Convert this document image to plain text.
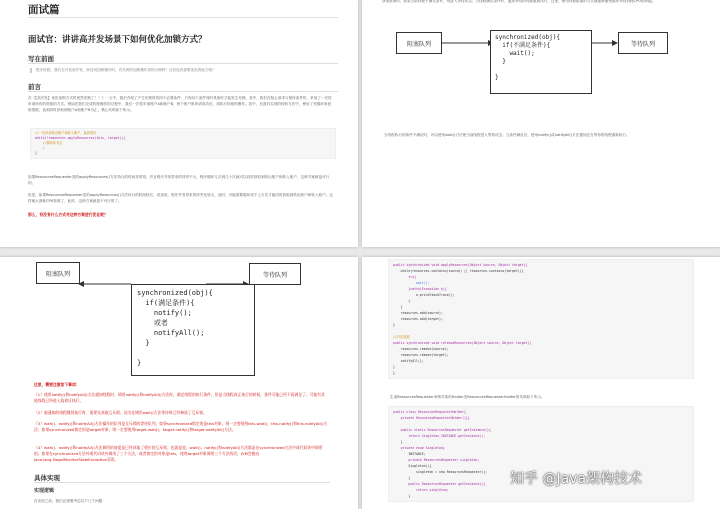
面试篇
面试官：讲讲高并发场景下如何优化加锁方式？
写在前面
很多时候，我们在开发高并发、涉及到加锁操作时，对代码的加锁操作真的合理吗？还有没有需要优化的地方呢？
前言
在《【高并发】优化加锁方式时竟然死锁了！！》一文中，我们介绍了产生死锁时的四个必要条件，只有四个条件同时具备时才能发生死锁。其中，我们在阻止请求与保持条件时，采用了一次性申请所有的资源的方式。例如在我们完成转账操作的过程中，我们一次性申请账户A和账户B，两个账户都申请成功后，再执行转账的操作。其中，在我们实现的转账方法中，使用了死循环来获取资源，直到同时获取到账户A和账户B为止，核心代码如下所示。
//一次申请转出账户和转入账户，直到成功
while(!requester.applyResources(this, target)){
//循环体为空
;
}
如果ResourcesRequester类的applyResources()方法执行的时间非常短，并且程序并发带来的冲突不大，程序循环几次到几十次就可以同时获取到转出账户和转入账户，这种方案就是可行的。
但是，如果ResourcesRequester类的applyResources()方法执行的时间较长，或者说，程序并发带来的冲突比较大，此时，可能需要循环成千上万次才能同时获取到转出账户和转入账户。这样就太消耗CPU资源了，此时，这种方案就是不可行的了。
那么，有没有什么方式对这种方案进行优化呢？
获取资源时，如果当前线程不满足条件，则进入等待状态；当线程满足条件时，通知等待的线程重新执行，这里，使用线程阻塞的方式就能够避免循环等待消耗CPU的问题。
阻塞队列
synchronized(obj){
if(不满足条件){
wait();
}

}
等待队列
当线程执行的条件不满足时，可以使用wait()方法使当前线程进入等待状态；当条件满足后，使用notify()或notifyAll()方法通知正在等待的线程重新执行。
阻塞队列
synchronized(obj){
if(满足条件){
notify();
或者
notifyAll();
}

}
等待队列
这里，需要注意如下事项：
（1）使用notify()和notifyAll()方法通知线程时，调用notify()和notifyAll()方法时，满足线程的执行条件，但是当线程真正执行的时候，条件可能已经不再满足了，可能有其他线程已经进入临界区执行。
（2）被通知的线程继续执行时，需要先获取互斥锁，因为在调用wait()方法等待时已经释放了互斥锁。
（3）wait()、notify()和notifyAll()方法操作的队列是互斥锁的等待队列，如果synchronized锁定的是this对象，则一定要使用this.wait()、this.notify()和this.notifyAll()方法；如果synchronized锁定的是target对象，则一定要使用target.wait()、target.notify()和target.notifyAll()方法。
（4）wait()、notify()和notifyAll()方法调用的前提是已经获取了相应的互斥锁，也就是说，wait()、notify()和notifyAll()方法都是在synchronized方法中或代码块中调用的。如果在synchronized方法外或代码块外调用了三个方法，或者锁定的对象是this，使用target对象调用三个方法的话，JVM会抛出java.lang.IllegalMonitorStateException异常。
具体实现
实现逻辑
在实现之前，我们还需要考虑以下几个问题：
public synchronized void applyResources(Object source, Object target){
while(resources.contains(source) || resources.contains(target)){
try{
wait();
}catch(Exception e){
e.printStackTrace();
}
}
resources.add(source);
resources.add(target);
}

//归还资源
public synchronized void releaseResources(Object source, Object target){
resources.remove(source);
resources.remove(target);
notifyAll();
}
}
生成ResourcesRequester单例对象的Holder类ResourcesRequesterHolder的代码如下所示。
public class ResourcesRequesterHolder{
private ResourcesRequesterHolder(){}

public static ResourcesRequester getInstance(){
return Singleton.INSTANCE.getInstance();
}
private enum Singleton{
INSTANCE;
private ResourcesRequester singleton;
Singleton(){
singleton = new ResourcesRequester();
}
public ResourcesRequester getInstance(){
return singleton;
}
知乎 @Java架构技术
